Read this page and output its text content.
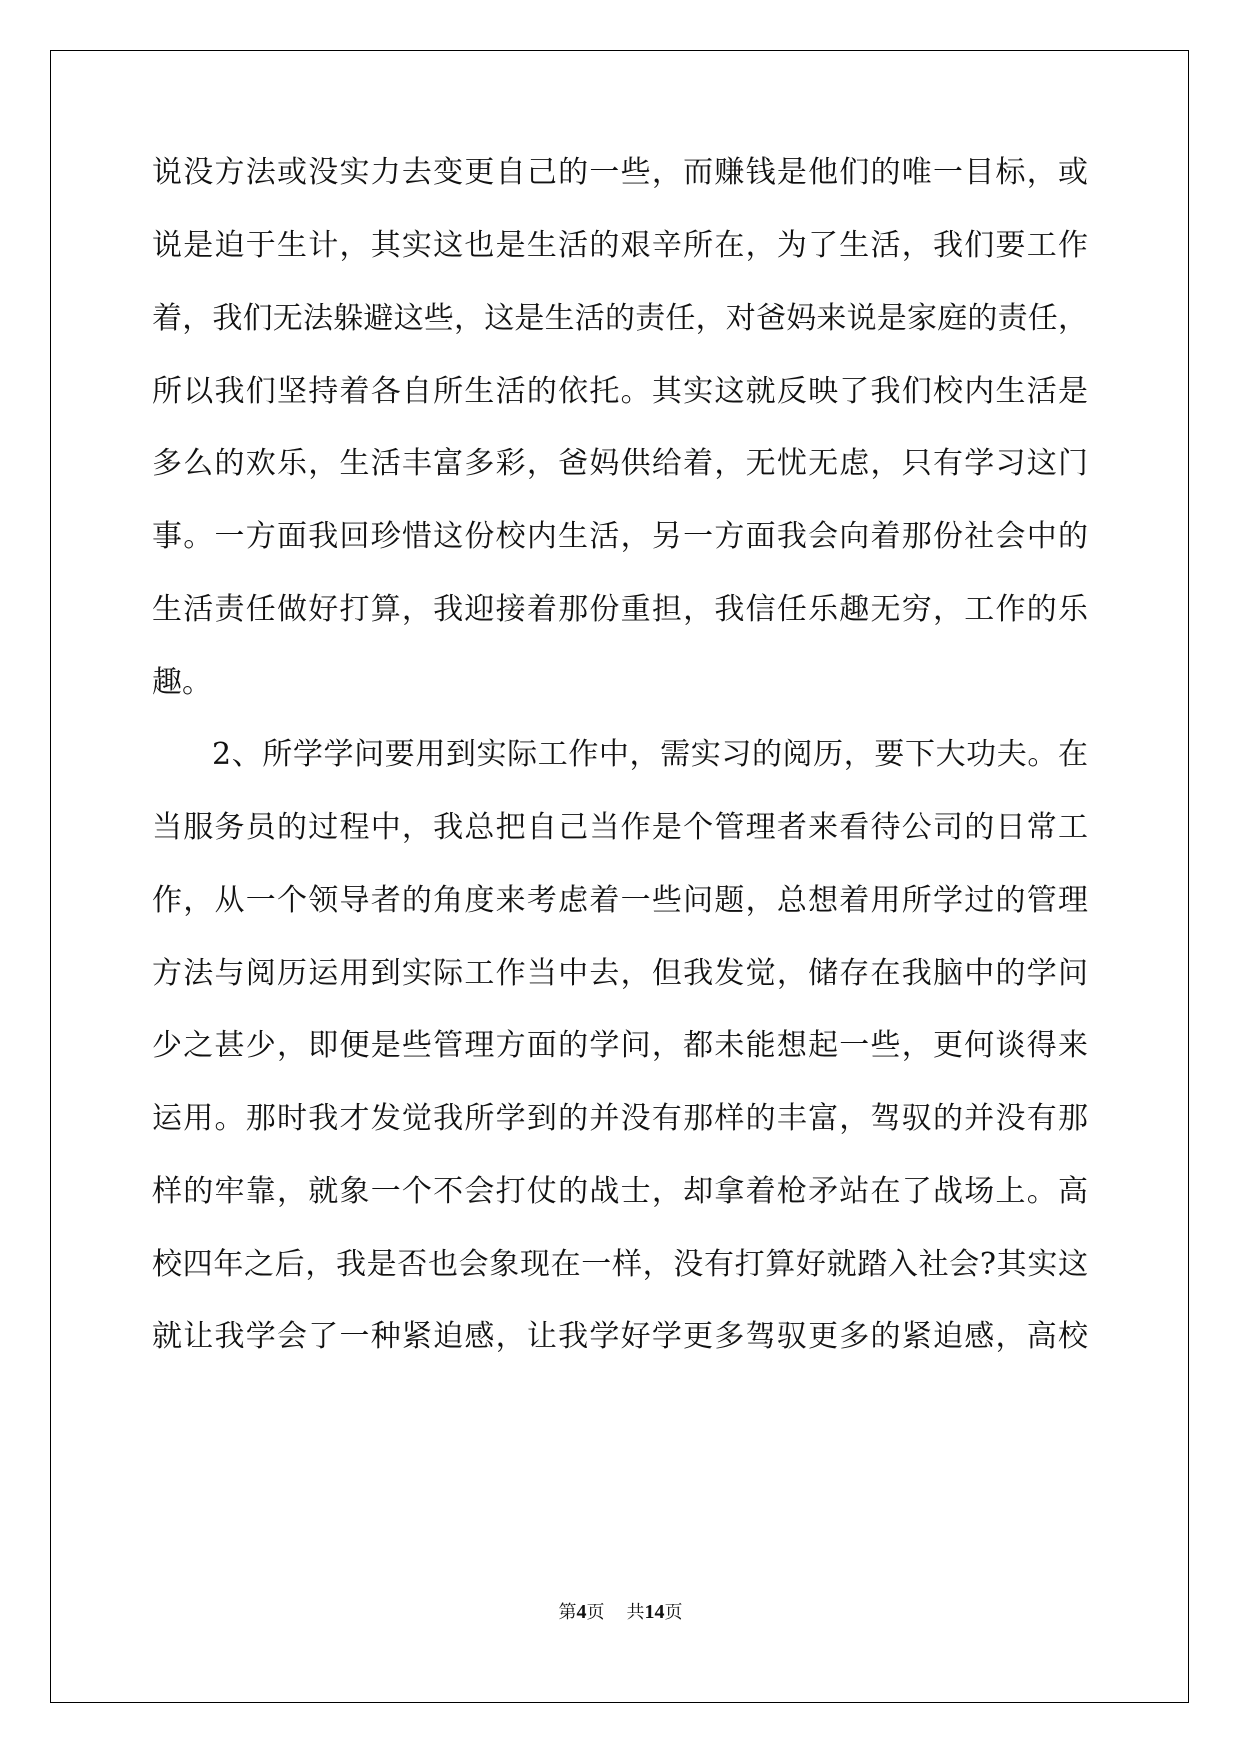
说没方法或没实力去变更自己的一些，而赚钱是他们的唯一目标，或
说是迫于生计，其实这也是生活的艰辛所在，为了生活，我们要工作
着，我们无法躲避这些，这是生活的责任，对爸妈来说是家庭的责任，
所以我们坚持着各自所生活的依托。其实这就反映了我们校内生活是
多么的欢乐，生活丰富多彩，爸妈供给着，无忧无虑，只有学习这门
事。一方面我回珍惜这份校内生活，另一方面我会向着那份社会中的
生活责任做好打算，我迎接着那份重担，我信任乐趣无穷，工作的乐
趣。
2、所学学问要用到实际工作中，需实习的阅历，要下大功夫。在
当服务员的过程中，我总把自己当作是个管理者来看待公司的日常工
作，从一个领导者的角度来考虑着一些问题，总想着用所学过的管理
方法与阅历运用到实际工作当中去，但我发觉，储存在我脑中的学问
少之甚少，即便是些管理方面的学问，都未能想起一些，更何谈得来
运用。那时我才发觉我所学到的并没有那样的丰富，驾驭的并没有那
样的牢靠，就象一个不会打仗的战士，却拿着枪矛站在了战场上。高
校四年之后，我是否也会象现在一样，没有打算好就踏入社会?其实这
就让我学会了一种紧迫感，让我学好学更多驾驭更多的紧迫感，高校
第4页 共14页
